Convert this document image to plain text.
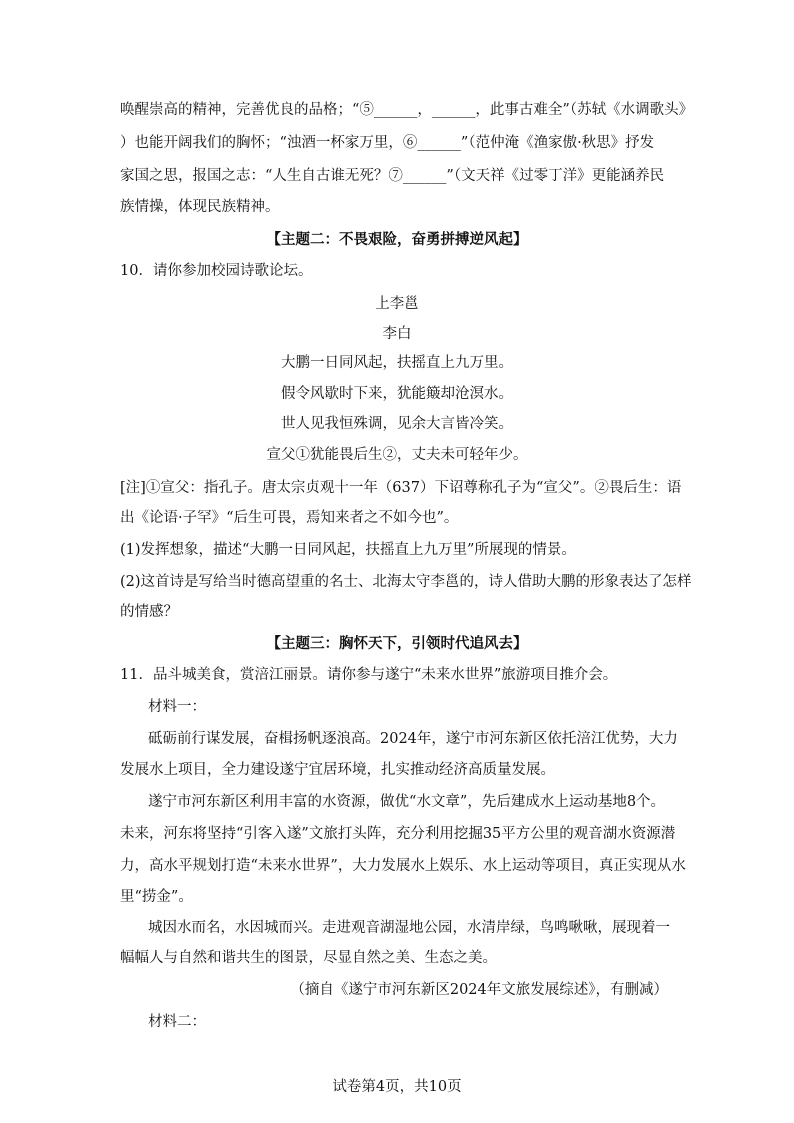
唤醒崇高的精神，完善优良的品格；“⑤______，______，此事古难全”（苏轼《水调歌头》
）也能开阔我们的胸怀；“浊酒一杯家万里，⑥______”（范仲淹《渔家傲·秋思》抒发
家国之思，报国之志：“人生自古谁无死？⑦______”（文天祥《过零丁洋》更能涵养民
族情操，体现民族精神。
【主题二：不畏艰险，奋勇拼搏逆风起】
10．请你参加校园诗歌论坛。
上李邕
李白
大鹏一日同风起，扶摇直上九万里。
假令风歇时下来，犹能簸却沧溟水。
世人见我恒殊调，见余大言皆冷笑。
宣父①犹能畏后生②，丈夫未可轻年少。
[注]①宣父：指孔子。唐太宗贞观十一年（637）下诏尊称孔子为“宣父”。②畏后生：语
出《论语·子罕》“后生可畏，焉知来者之不如今也”。
(1)发挥想象，描述“大鹏一日同风起，扶摇直上九万里”所展现的情景。
(2)这首诗是写给当时德高望重的名士、北海太守李邕的，诗人借助大鹏的形象表达了怎样
的情感？
【主题三：胸怀天下，引领时代追风去】
11．品斗城美食，赏涪江丽景。请你参与遂宁“未来水世界”旅游项目推介会。
材料一：
砥砺前行谋发展，奋楫扬帆逐浪高。2024年，遂宁市河东新区依托涪江优势，大力
发展水上项目，全力建设遂宁宜居环境，扎实推动经济高质量发展。
遂宁市河东新区利用丰富的水资源，做优“水文章”，先后建成水上运动基地8个。
未来，河东将坚持“引客入遂”文旅打头阵，充分利用挖掘35平方公里的观音湖水资源潜
力，高水平规划打造“未来水世界”，大力发展水上娱乐、水上运动等项目，真正实现从水
里“捞金”。
城因水而名，水因城而兴。走进观音湖湿地公园，水清岸绿，鸟鸣啾啾，展现着一
幅幅人与自然和谐共生的图景，尽显自然之美、生态之美。
（摘自《遂宁市河东新区2024年文旅发展综述》，有删减）
材料二：
试卷第4页，共10页
